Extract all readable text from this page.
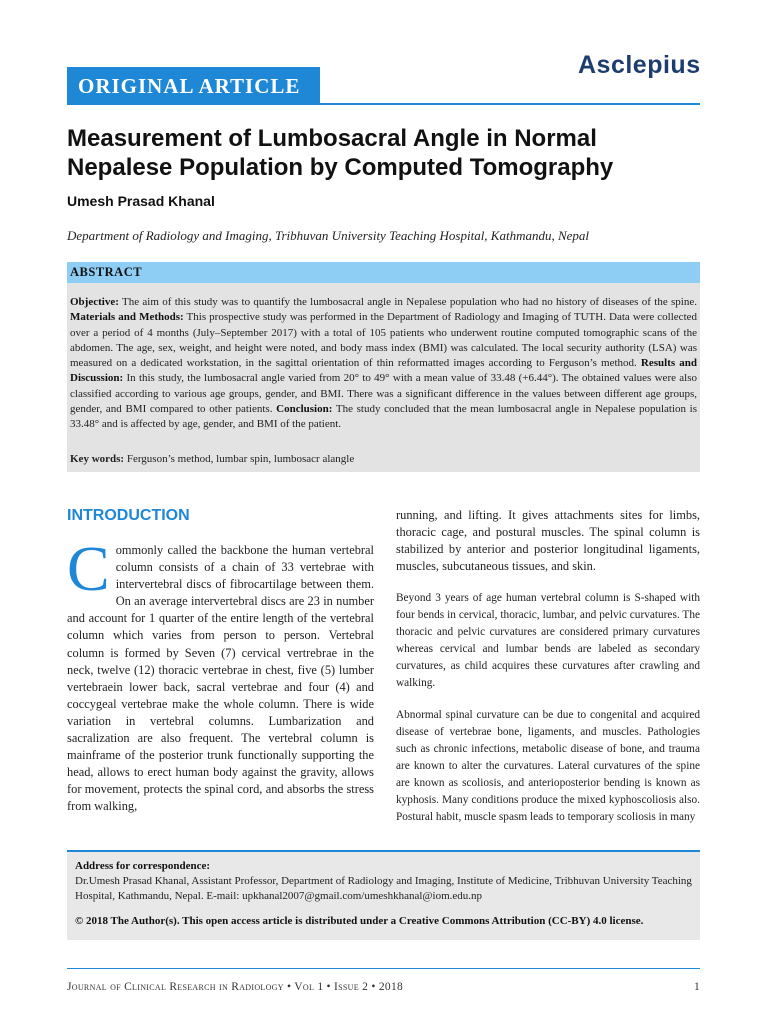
ORIGINAL ARTICLE
Asclepius
Measurement of Lumbosacral Angle in Normal Nepalese Population by Computed Tomography
Umesh Prasad Khanal
Department of Radiology and Imaging, Tribhuvan University Teaching Hospital, Kathmandu, Nepal
ABSTRACT
Objective: The aim of this study was to quantify the lumbosacral angle in Nepalese population who had no history of diseases of the spine. Materials and Methods: This prospective study was performed in the Department of Radiology and Imaging of TUTH. Data were collected over a period of 4 months (July–September 2017) with a total of 105 patients who underwent routine computed tomographic scans of the abdomen. The age, sex, weight, and height were noted, and body mass index (BMI) was calculated. The local security authority (LSA) was measured on a dedicated workstation, in the sagittal orientation of thin reformatted images according to Ferguson’s method. Results and Discussion: In this study, the lumbosacral angle varied from 20° to 49° with a mean value of 33.48 (+6.44°). The obtained values were also classified according to various age groups, gender, and BMI. There was a significant difference in the values between different age groups, gender, and BMI compared to other patients. Conclusion: The study concluded that the mean lumbosacral angle in Nepalese population is 33.48° and is affected by age, gender, and BMI of the patient.
Key words: Ferguson’s method, lumbar spin, lumbosacr alangle
INTRODUCTION

Commonly called the backbone the human vertebral column consists of a chain of 33 vertebrae with intervertebral discs of fibrocartilage between them. On an average intervertebral discs are 23 in number and account for 1 quarter of the entire length of the vertebral column which varies from person to person. Vertebral column is formed by Seven (7) cervical vertrebrae in the neck, twelve (12) thoracic vertebrae in chest, five (5) lumber vertebraein lower back, sacral vertebrae and four (4) and coccygeal vertebrae make the whole column. There is wide variation in vertebral columns. Lumbarization and sacralization are also frequent. The vertebral column is mainframe of the posterior trunk functionally supporting the head, allows to erect human body against the gravity, allows for movement, protects the spinal cord, and absorbs the stress from walking,

running, and lifting. It gives attachments sites for limbs, thoracic cage, and postural muscles. The spinal column is stabilized by anterior and posterior longitudinal ligaments, muscles, subcutaneous tissues, and skin.

Beyond 3 years of age human vertebral column is S-shaped with four bends in cervical, thoracic, lumbar, and pelvic curvatures. The thoracic and pelvic curvatures are considered primary curvatures whereas cervical and lumbar bends are labeled as secondary curvatures, as child acquires these curvatures after crawling and walking.

Abnormal spinal curvature can be due to congenital and acquired disease of vertebrae bone, ligaments, and muscles. Pathologies such as chronic infections, metabolic disease of bone, and trauma are known to alter the curvatures. Lateral curvatures of the spine are known as scoliosis, and anterioposterior bending is known as kyphosis. Many conditions produce the mixed kyphoscoliosis also. Postural habit, muscle spasm leads to temporary scoliosis in many

Address for correspondence:
Dr.Umesh Prasad Khanal, Assistant Professor, Department of Radiology and Imaging, Institute of Medicine, Tribhuvan University Teaching Hospital, Kathmandu, Nepal. E-mail: upkhanal2007@gmail.com/umeshkhanal@iom.edu.np
© 2018 The Author(s). This open access article is distributed under a Creative Commons Attribution (CC-BY) 4.0 license.
Journal of Clinical Research in Radiology • Vol 1 • Issue 2 • 2018	1
